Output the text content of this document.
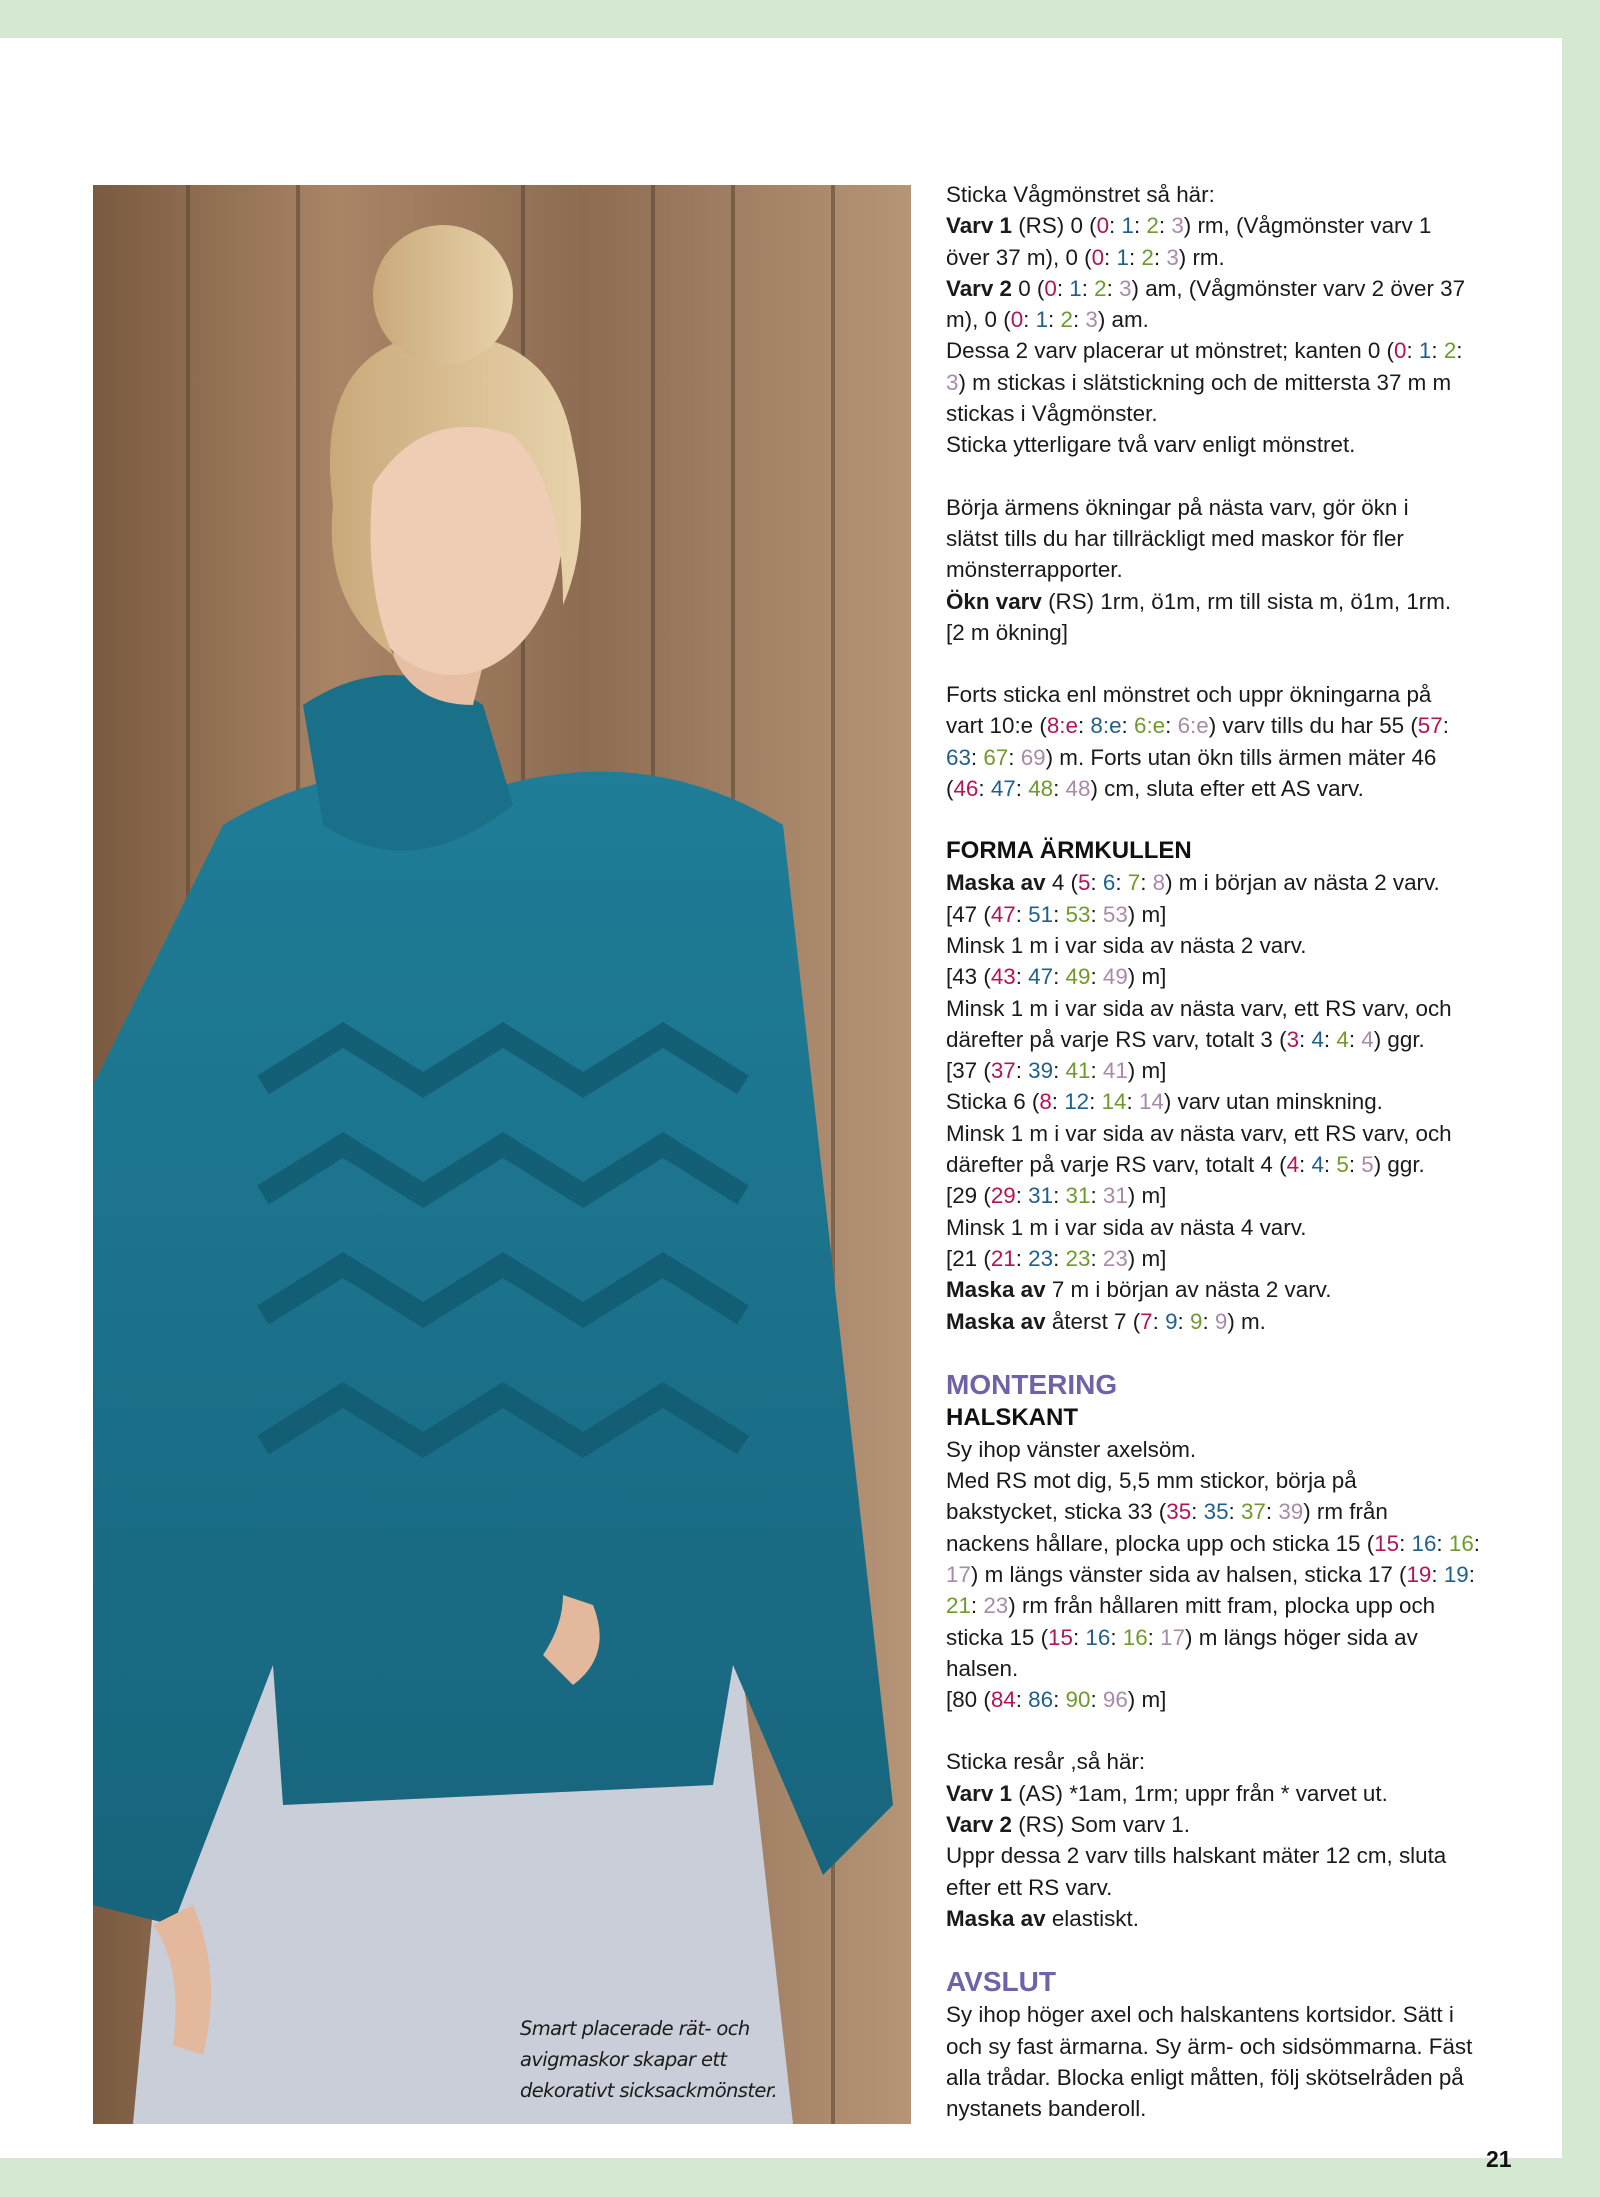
Smart placerade rät- och
avigmaskor skapar ett
dekorativt sicksackmönster.
Sticka Vågmönstret så här:
Varv 1 (RS) 0 (0: 1: 2: 3) rm, (Vågmönster varv 1
över 37 m), 0 (0: 1: 2: 3) rm.
Varv 2 0 (0: 1: 2: 3) am, (Vågmönster varv 2 över 37
m), 0 (0: 1: 2: 3) am.
Dessa 2 varv placerar ut mönstret; kanten 0 (0: 1: 2:
3) m stickas i slätstickning och de mittersta 37 m m
stickas i Vågmönster.
Sticka ytterligare två varv enligt mönstret.
Börja ärmens ökningar på nästa varv, gör ökn i
slätst tills du har tillräckligt med maskor för fler
mönsterrapporter.
Ökn varv (RS) 1rm, ö1m, rm till sista m, ö1m, 1rm.
[2 m ökning]
Forts sticka enl mönstret och uppr ökningarna på
vart 10:e (8:e: 8:e: 6:e: 6:e) varv tills du har 55 (57:
63: 67: 69) m. Forts utan ökn tills ärmen mäter 46
(46: 47: 48: 48) cm, sluta efter ett AS varv.
FORMA ÄRMKULLEN
Maska av 4 (5: 6: 7: 8) m i början av nästa 2 varv.
[47 (47: 51: 53: 53) m]
Minsk 1 m i var sida av nästa 2 varv.
[43 (43: 47: 49: 49) m]
Minsk 1 m i var sida av nästa varv, ett RS varv, och
därefter på varje RS varv, totalt 3 (3: 4: 4: 4) ggr.
[37 (37: 39: 41: 41) m]
Sticka 6 (8: 12: 14: 14) varv utan minskning.
Minsk 1 m i var sida av nästa varv, ett RS varv, och
därefter på varje RS varv, totalt 4 (4: 4: 5: 5) ggr.
[29 (29: 31: 31: 31) m]
Minsk 1 m i var sida av nästa 4 varv.
[21 (21: 23: 23: 23) m]
Maska av 7 m i början av nästa 2 varv.
Maska av återst 7 (7: 9: 9: 9) m.
MONTERING
HALSKANT
Sy ihop vänster axelsöm.
Med RS mot dig, 5,5 mm stickor, börja på
bakstycket, sticka 33 (35: 35: 37: 39) rm från
nackens hållare, plocka upp och sticka 15 (15: 16: 16:
17) m längs vänster sida av halsen, sticka 17 (19: 19:
21: 23) rm från hållaren mitt fram, plocka upp och
sticka 15 (15: 16: 16: 17) m längs höger sida av
halsen.
[80 (84: 86: 90: 96) m]
Sticka resår ,så här:
Varv 1 (AS) *1am, 1rm; uppr från * varvet ut.
Varv 2 (RS) Som varv 1.
Uppr dessa 2 varv tills halskant mäter 12 cm, sluta
efter ett RS varv.
Maska av elastiskt.
AVSLUT
Sy ihop höger axel och halskantens kortsidor. Sätt i
och sy fast ärmarna. Sy ärm- och sidsömmarna. Fäst
alla trådar. Blocka enligt måtten, följ skötselråden på
nystanets banderoll.
21
